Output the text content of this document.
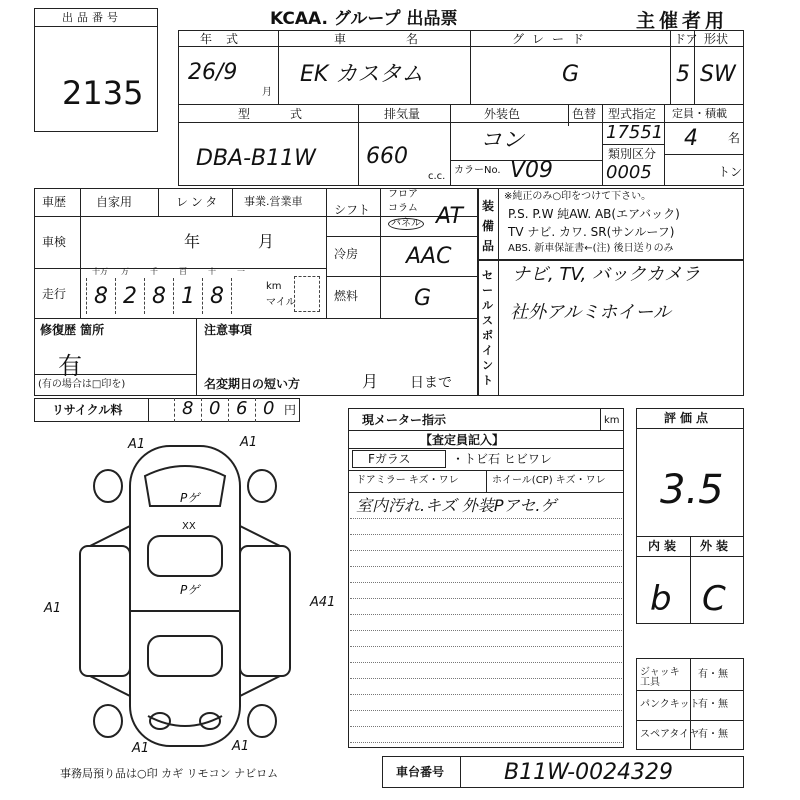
出品番号
2135
KCAA. グループ 出品票	主催者用
年式
26/9
月
車名
EK カスタム
グレード
G
ドア
5
形状
SW
型式
DBA-B11W
排気量
660
c.c.
外装色	色替
コン
カラーNo. V09
型式指定
17551
類別区分
0005
定員・積載
4	名
トン
車歴 自家用	レンタ 事業.営業車
車検	年	月
走行
十万 万	千	百	十	一
8 2 8 1 8	km
マイル
修復歴 箇所
有
(有の場合は□印を)
注意事項
名変期日の短い方	月 日まで
リサイクル料	8 0 6 0 円
シフト
フロア
コラム
パネル AT
冷房 AAC
燃料	G
装備品
※純正のみ○印をつけて下さい。
P.S. P.W 純AW. AB(エアバック)
TV ナビ. カワ. SR(サンルーフ)
ABS. 新車保証書←(注) 後日送りのみ
セールスポイント
ナビ, TV, バックカメラ
社外アルミホイール
A1	A1
Pゲ
XX
Pゲ
A1	A41
A1	A1
現メーター指示	km
【査定員記入】
Fガラス	・トビ石 ヒビワレ
ドアミラー キズ・ワレ	ホイール(CP) キズ・ワレ
室内汚れ.キズ 外装Pアセ.ゲ
評価点
3.5
内装 外装
b C
ジャッキ工具
有・無
パンクキット
有・無
スペアタイヤ
有・無
事務局預り品は○印 カギ リモコン ナビロム	車台番号	B11W-0024329
